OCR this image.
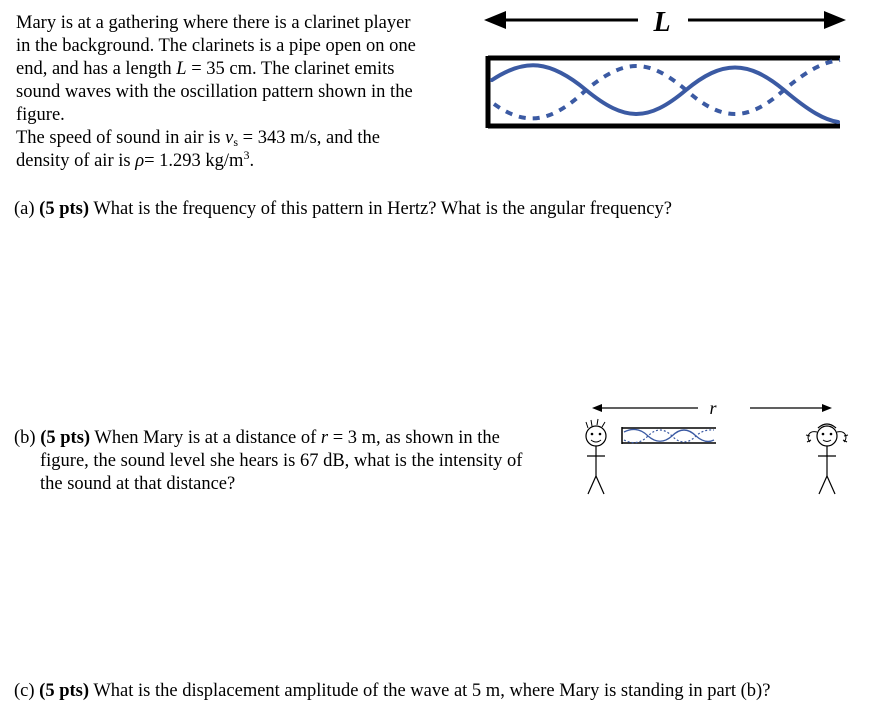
Mary is at a gathering where there is a clarinet player
in the background. The clarinets is a pipe open on one
end, and has a length L = 35 cm. The clarinet emits
sound waves with the oscillation pattern shown in the
figure.
The speed of sound in air is $v_s = 343$ m/s, and the
density of air is ρ= 1.293 $kg/m^3$.
L
(a) (5 pts) What is the frequency of this pattern in Hertz? What is the angular frequency?
(b) (5 pts) When Mary is at a distance of r = 3 m, as shown in the
figure, the sound level she hears is 67 dB, what is the intensity of
the sound at that distance?
r
(c) (5 pts) What is the displacement amplitude of the wave at 5 m, where Mary is standing in part (b)?
